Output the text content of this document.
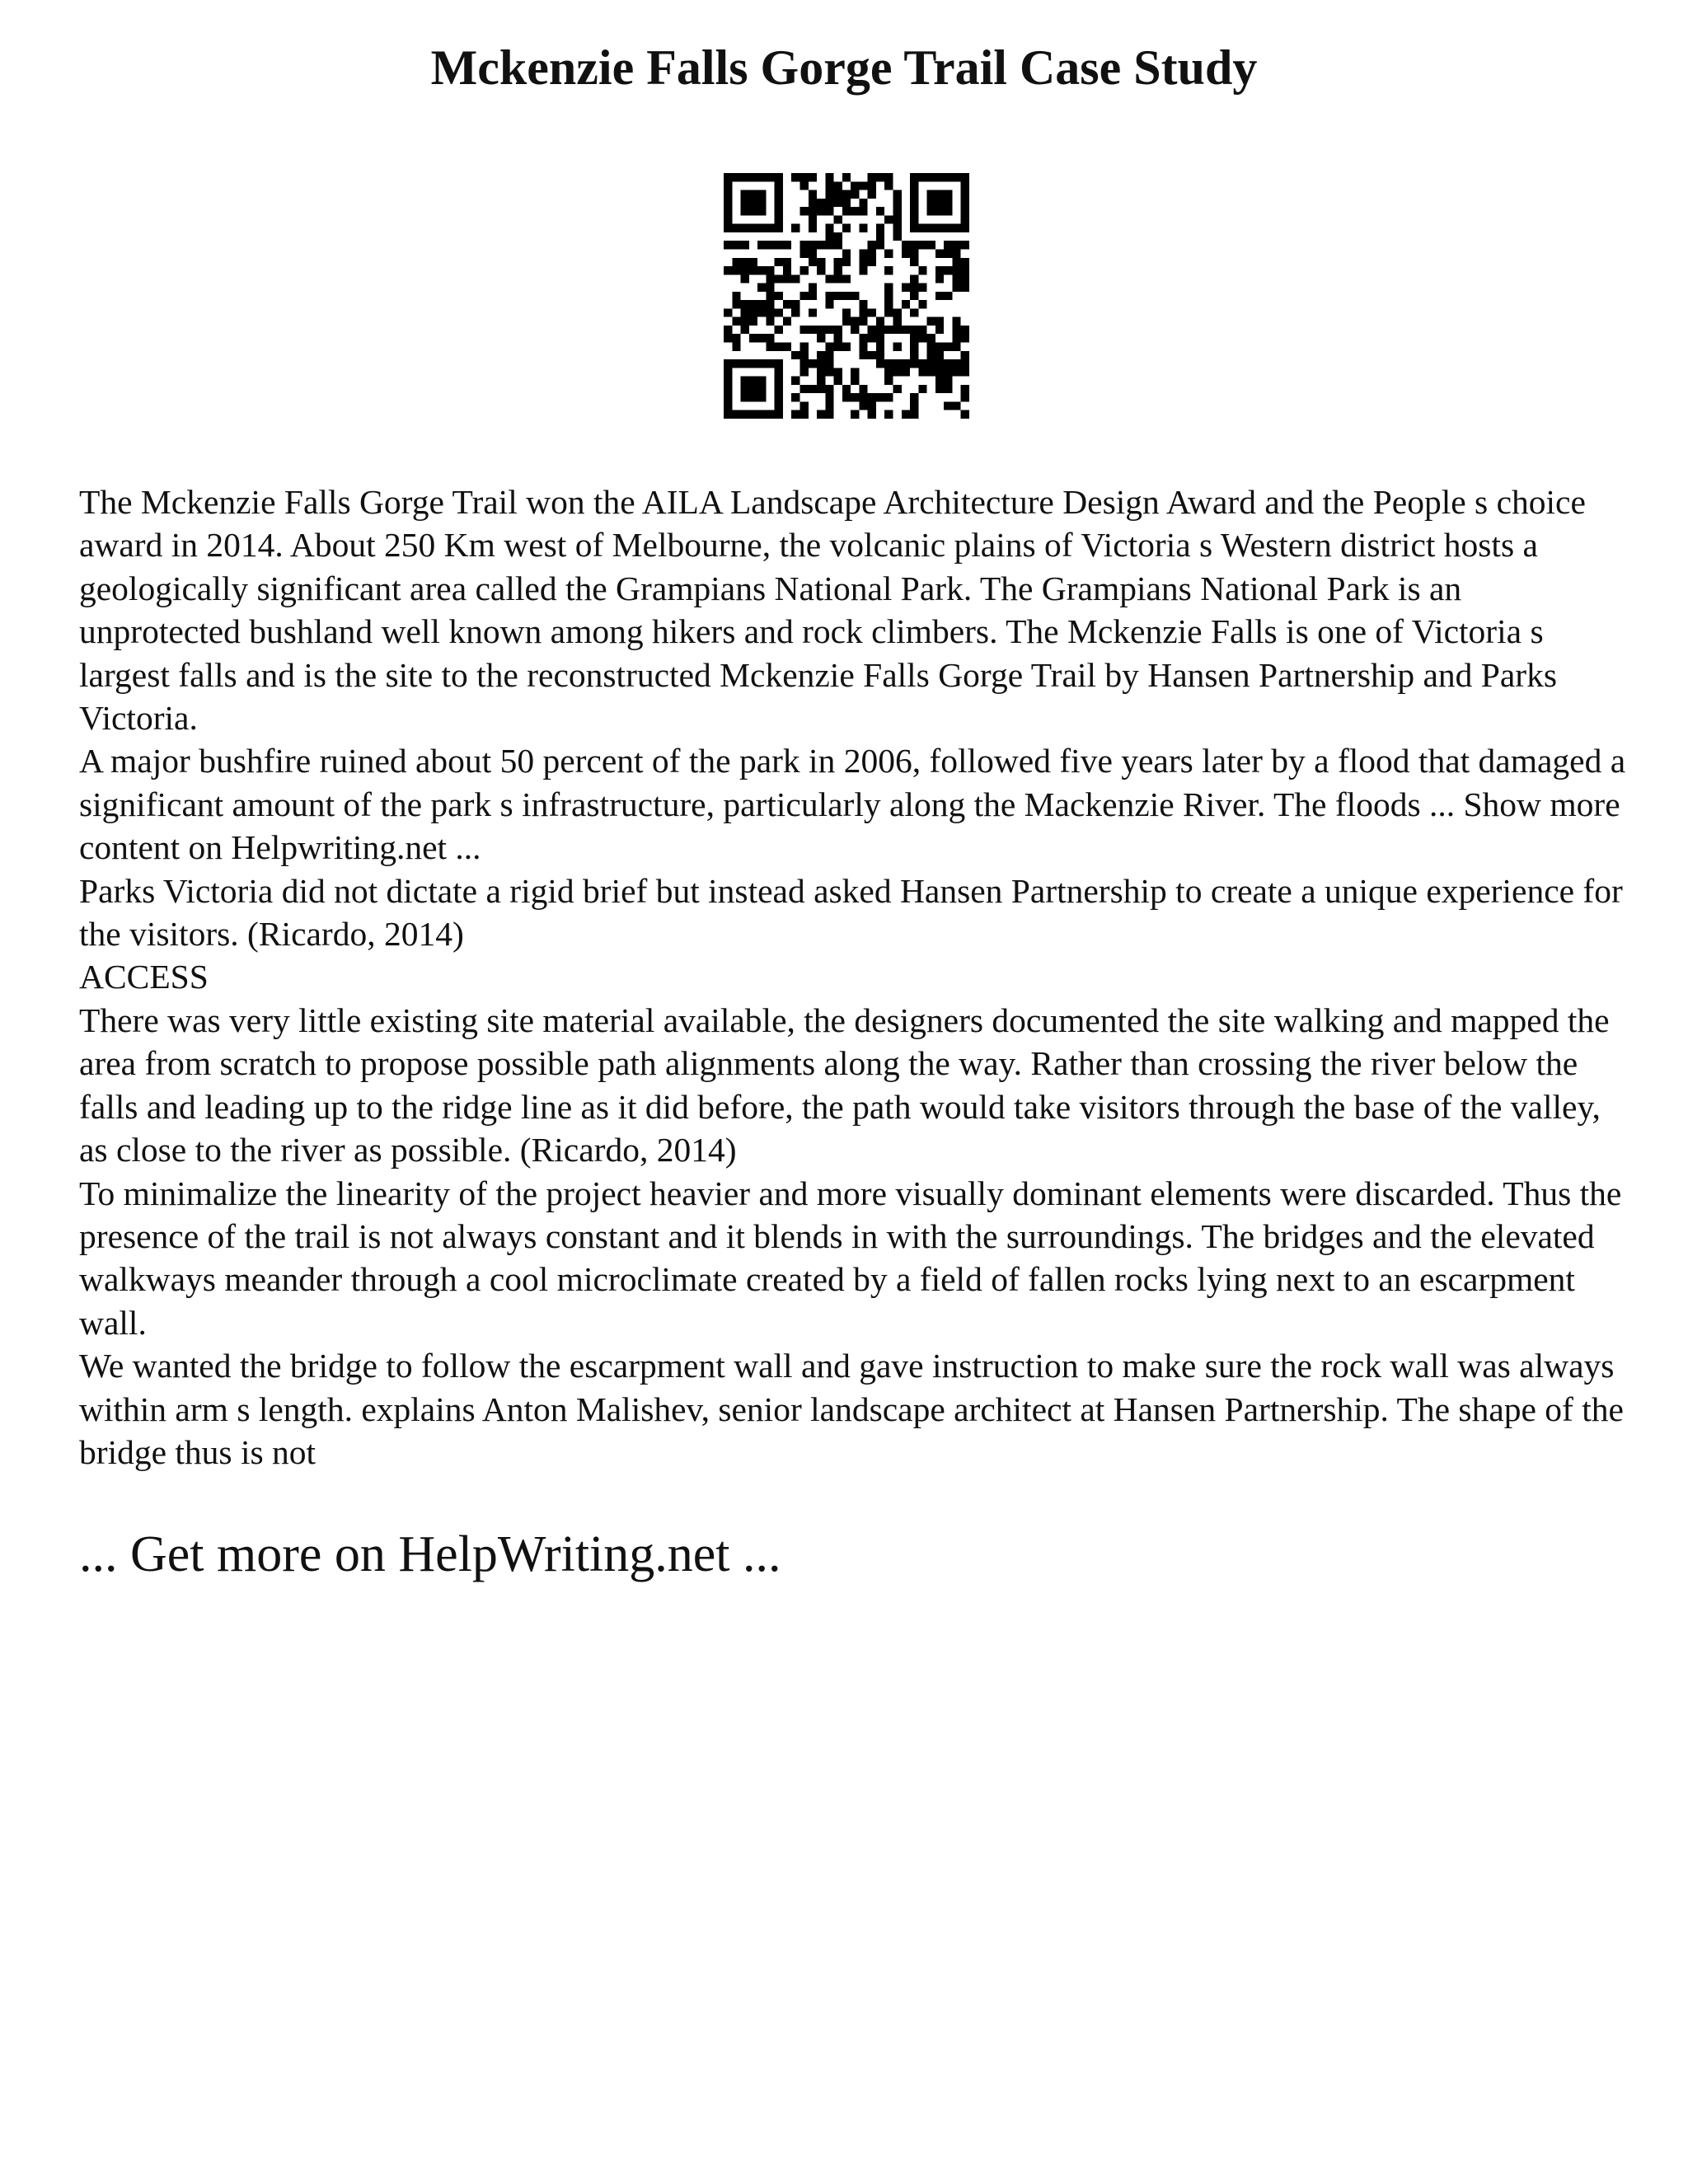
Mckenzie Falls Gorge Trail Case Study

The Mckenzie Falls Gorge Trail won the AILA Landscape Architecture Design Award and the People s choice award in 2014. About 250 Km west of Melbourne, the volcanic plains of Victoria s Western district hosts a geologically significant area called the Grampians National Park. The Grampians National Park is an unprotected bushland well known among hikers and rock climbers. The Mckenzie Falls is one of Victoria s largest falls and is the site to the reconstructed Mckenzie Falls Gorge Trail by Hansen Partnership and Parks Victoria.

A major bushfire ruined about 50 percent of the park in 2006, followed five years later by a flood that damaged a significant amount of the park s infrastructure, particularly along the Mackenzie River. The floods ... Show more content on Helpwriting.net ...

Parks Victoria did not dictate a rigid brief but instead asked Hansen Partnership to create a unique experience for the visitors. (Ricardo, 2014)

ACCESS

There was very little existing site material available, the designers documented the site walking and mapped the area from scratch to propose possible path alignments along the way. Rather than crossing the river below the falls and leading up to the ridge line as it did before, the path would take visitors through the base of the valley, as close to the river as possible. (Ricardo, 2014)

To minimalize the linearity of the project heavier and more visually dominant elements were discarded. Thus the presence of the trail is not always constant and it blends in with the surroundings. The bridges and the elevated walkways meander through a cool microclimate created by a field of fallen rocks lying next to an escarpment wall.

We wanted the bridge to follow the escarpment wall and gave instruction to make sure the rock wall was always within arm s length. explains Anton Malishev, senior landscape architect at Hansen Partnership. The shape of the bridge thus is not

... Get more on HelpWriting.net ...
